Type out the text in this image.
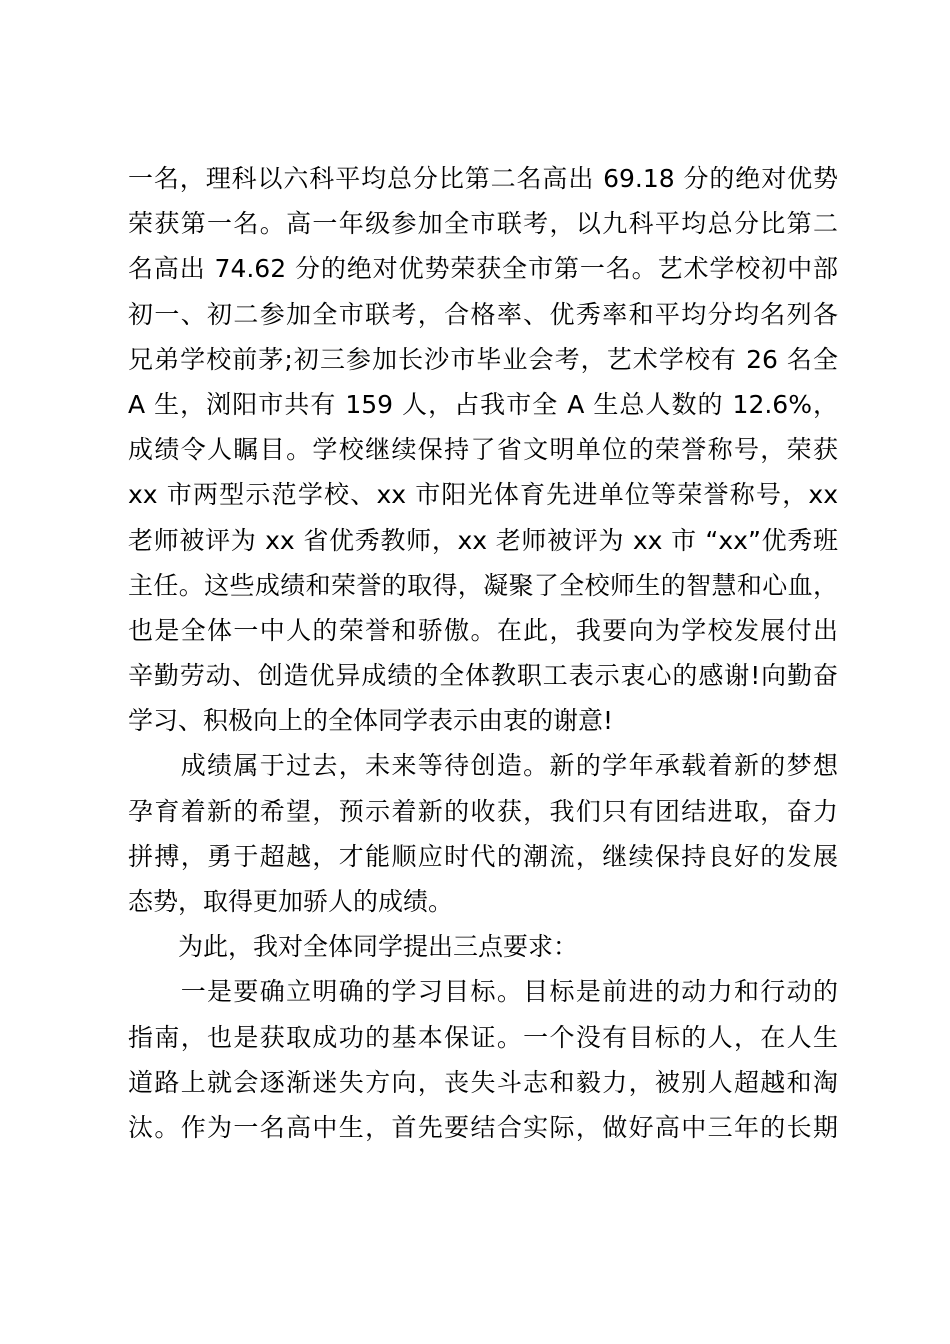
一名，理科以六科平均总分比第二名高出 69.18 分的绝对优势
荣获第一名。高一年级参加全市联考，以九科平均总分比第二
名高出 74.62 分的绝对优势荣获全市第一名。艺术学校初中部
初一、初二参加全市联考，合格率、优秀率和平均分均名列各
兄弟学校前茅;初三参加长沙市毕业会考，艺术学校有 26 名全
A 生，浏阳市共有 159 人，占我市全 A 生总人数的 12.6%，
成绩令人瞩目。学校继续保持了省文明单位的荣誉称号，荣获
xx 市两型示范学校、xx 市阳光体育先进单位等荣誉称号，xx
老师被评为 xx 省优秀教师，xx 老师被评为 xx 市 “xx”优秀班
主任。这些成绩和荣誉的取得，凝聚了全校师生的智慧和心血，
也是全体一中人的荣誉和骄傲。在此，我要向为学校发展付出
辛勤劳动、创造优异成绩的全体教职工表示衷心的感谢!向勤奋
学习、积极向上的全体同学表示由衷的谢意!
　　成绩属于过去，未来等待创造。新的学年承载着新的梦想
孕育着新的希望，预示着新的收获，我们只有团结进取，奋力
拼搏，勇于超越，才能顺应时代的潮流，继续保持良好的发展
态势，取得更加骄人的成绩。
　　为此，我对全体同学提出三点要求：
　　一是要确立明确的学习目标。目标是前进的动力和行动的
指南，也是获取成功的基本保证。一个没有目标的人，在人生
道路上就会逐渐迷失方向，丧失斗志和毅力，被别人超越和淘
汰。作为一名高中生，首先要结合实际，做好高中三年的长期
